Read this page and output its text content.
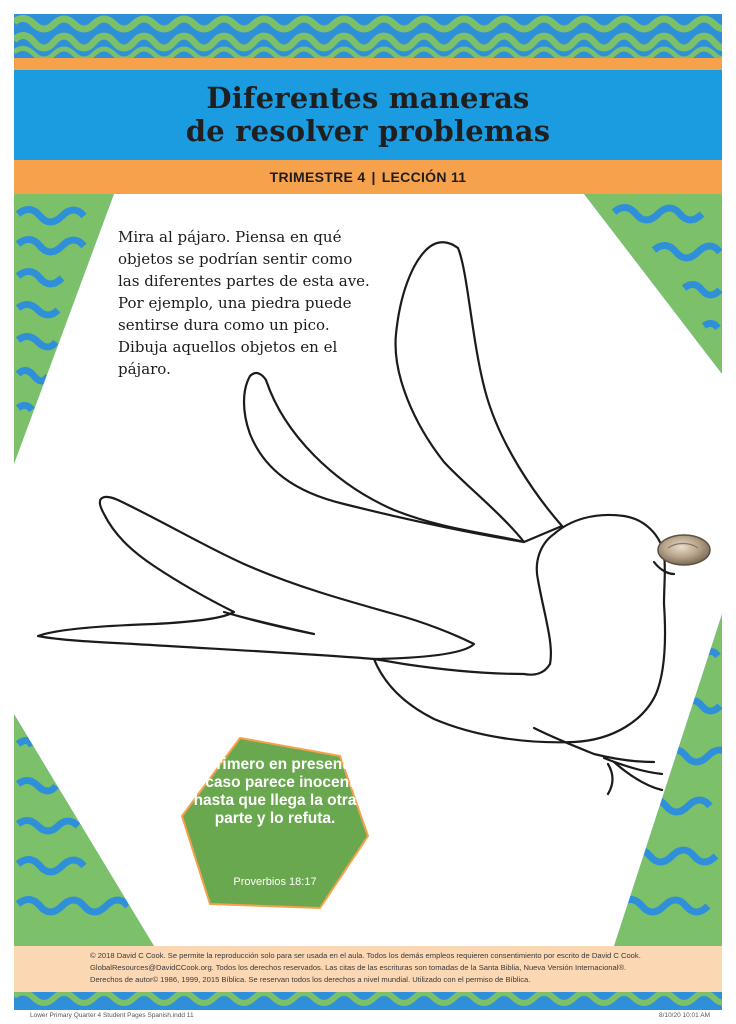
Diferentes maneras
de resolver problemas
TRIMESTRE 4 | LECCIÓN 11

Mira al pájaro. Piensa en qué objetos se podrían sentir como las diferentes partes de esta ave. Por ejemplo, una piedra puede sentirse dura como un pico. Dibuja aquellos objetos en el pájaro.

El primero en presentar su caso parece inocente, hasta que llega la otra parte y lo refuta.
Proverbios 18:17

© 2018 David C Cook. Se permite la reproducción solo para ser usada en el aula. Todos los demás empleos requieren consentimiento por escrito de David C Cook.

GlobalResources@DavidCCook.org. Todos los derechos reservados. Las citas de las escrituras son tomadas de la Santa Biblia, Nueva Versión Internacional®.

Derechos de autor© 1986, 1999, 2015 Bíblica. Se reservan todos los derechos a nivel mundial. Utilizado con el permiso de Bíblica.

Lower Primary Quarter 4 Student Pages Spanish.indd 11	8/10/20 10:01 AM
